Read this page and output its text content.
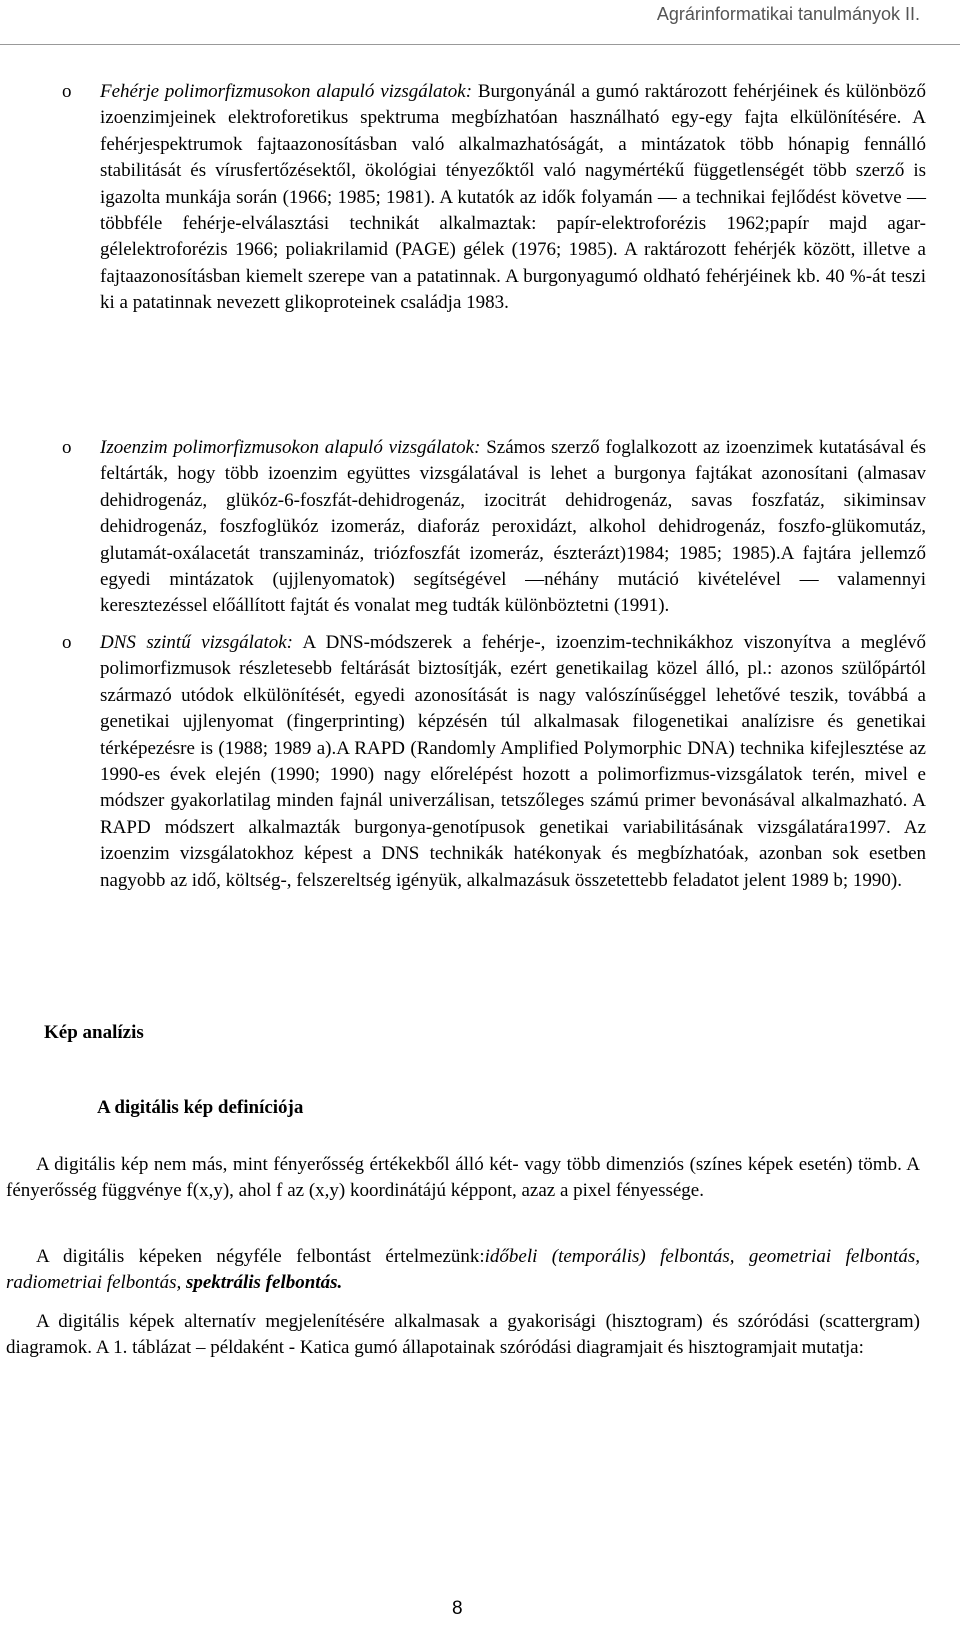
Agrárinformatikai tanulmányok II.
o Fehérje polimorfizmusokon alapuló vizsgálatok: Burgonyánál a gumó raktározott fehérjéinek és különböző izoenzimjeinek elektroforetikus spektruma megbízhatóan használható egy-egy fajta elkülönítésére. A fehérjespektrumok fajtaazonosításban való alkalmazhatóságát, a mintázatok több hónapig fennálló stabilitását és vírusfertőzésektől, ökológiai tényezőktől való nagymértékű függetlenségét több szerző is igazolta munkája során (1966; 1985; 1981). A kutatók az idők folyamán ― a technikai fejlődést követve ― többféle fehérje-elválasztási technikát alkalmaztak: papír-elektroforézis 1962;papír majd agar-gélelektroforézis 1966; poliakrilamid (PAGE) gélek (1976; 1985). A raktározott fehérjék között, illetve a fajtaazonosításban kiemelt szerepe van a patatinnak. A burgonyagumó oldható fehérjéinek kb. 40 %-át teszi ki a patatinnak nevezett glikoproteinek családja 1983.
o Izoenzim polimorfizmusokon alapuló vizsgálatok: Számos szerző foglalkozott az izoenzimek kutatásával és feltárták, hogy több izoenzim együttes vizsgálatával is lehet a burgonya fajtákat azonosítani (almasav dehidrogenáz, glükóz-6-foszfát-dehidrogenáz, izocitrát dehidrogenáz, savas foszfatáz, sikiminsav dehidrogenáz, foszfoglükóz izomeráz, diaforáz peroxidázt, alkohol dehidrogenáz, foszfo-glükomutáz, glutamát-oxálacetát transzamináz, triózfoszfát izomeráz, észterázt)1984; 1985; 1985).A fajtára jellemző egyedi mintázatok (ujjlenyomatok) segítségével ―néhány mutáció kivételével ― valamennyi keresztezéssel előállított fajtát és vonalat meg tudták különböztetni (1991).
o DNS szintű vizsgálatok: A DNS-módszerek a fehérje-, izoenzim-technikákhoz viszonyítva a meglévő polimorfizmusok részletesebb feltárását biztosítják, ezért genetikailag közel álló, pl.: azonos szülőpártól származó utódok elkülönítését, egyedi azonosítását is nagy valószínűséggel lehetővé teszik, továbbá a genetikai ujjlenyomat (fingerprinting) képzésén túl alkalmasak filogenetikai analízisre és genetikai térképezésre is (1988; 1989 a).A RAPD (Randomly Amplified Polymorphic DNA) technika kifejlesztése az 1990-es évek elején (1990; 1990) nagy előrelépést hozott a polimorfizmus-vizsgálatok terén, mivel e módszer gyakorlatilag minden fajnál univerzálisan, tetszőleges számú primer bevonásával alkalmazható. A RAPD módszert alkalmazták burgonya-genotípusok genetikai variabilitásának vizsgálatára1997. Az izoenzim vizsgálatokhoz képest a DNS technikák hatékonyak és megbízhatóak, azonban sok esetben nagyobb az idő, költség-, felszereltség igényük, alkalmazásuk összetettebb feladatot jelent 1989 b; 1990).
Kép analízis
A digitális kép definíciója
A digitális kép nem más, mint fényerősség értékekből álló két- vagy több dimenziós (színes képek esetén) tömb. A fényerősség függvénye f(x,y), ahol f az (x,y) koordinátájú képpont, azaz a pixel fényessége.
A digitális képeken négyféle felbontást értelmezünk:időbeli (temporális) felbontás, geometriai felbontás, radiometriai felbontás, spektrális felbontás.
A digitális képek alternatív megjelenítésére alkalmasak a gyakorisági (hisztogram) és szóródási (scattergram) diagramok. A 1. táblázat – példaként - Katica gumó állapotainak szóródási diagramjait és hisztogramjait mutatja:
8
